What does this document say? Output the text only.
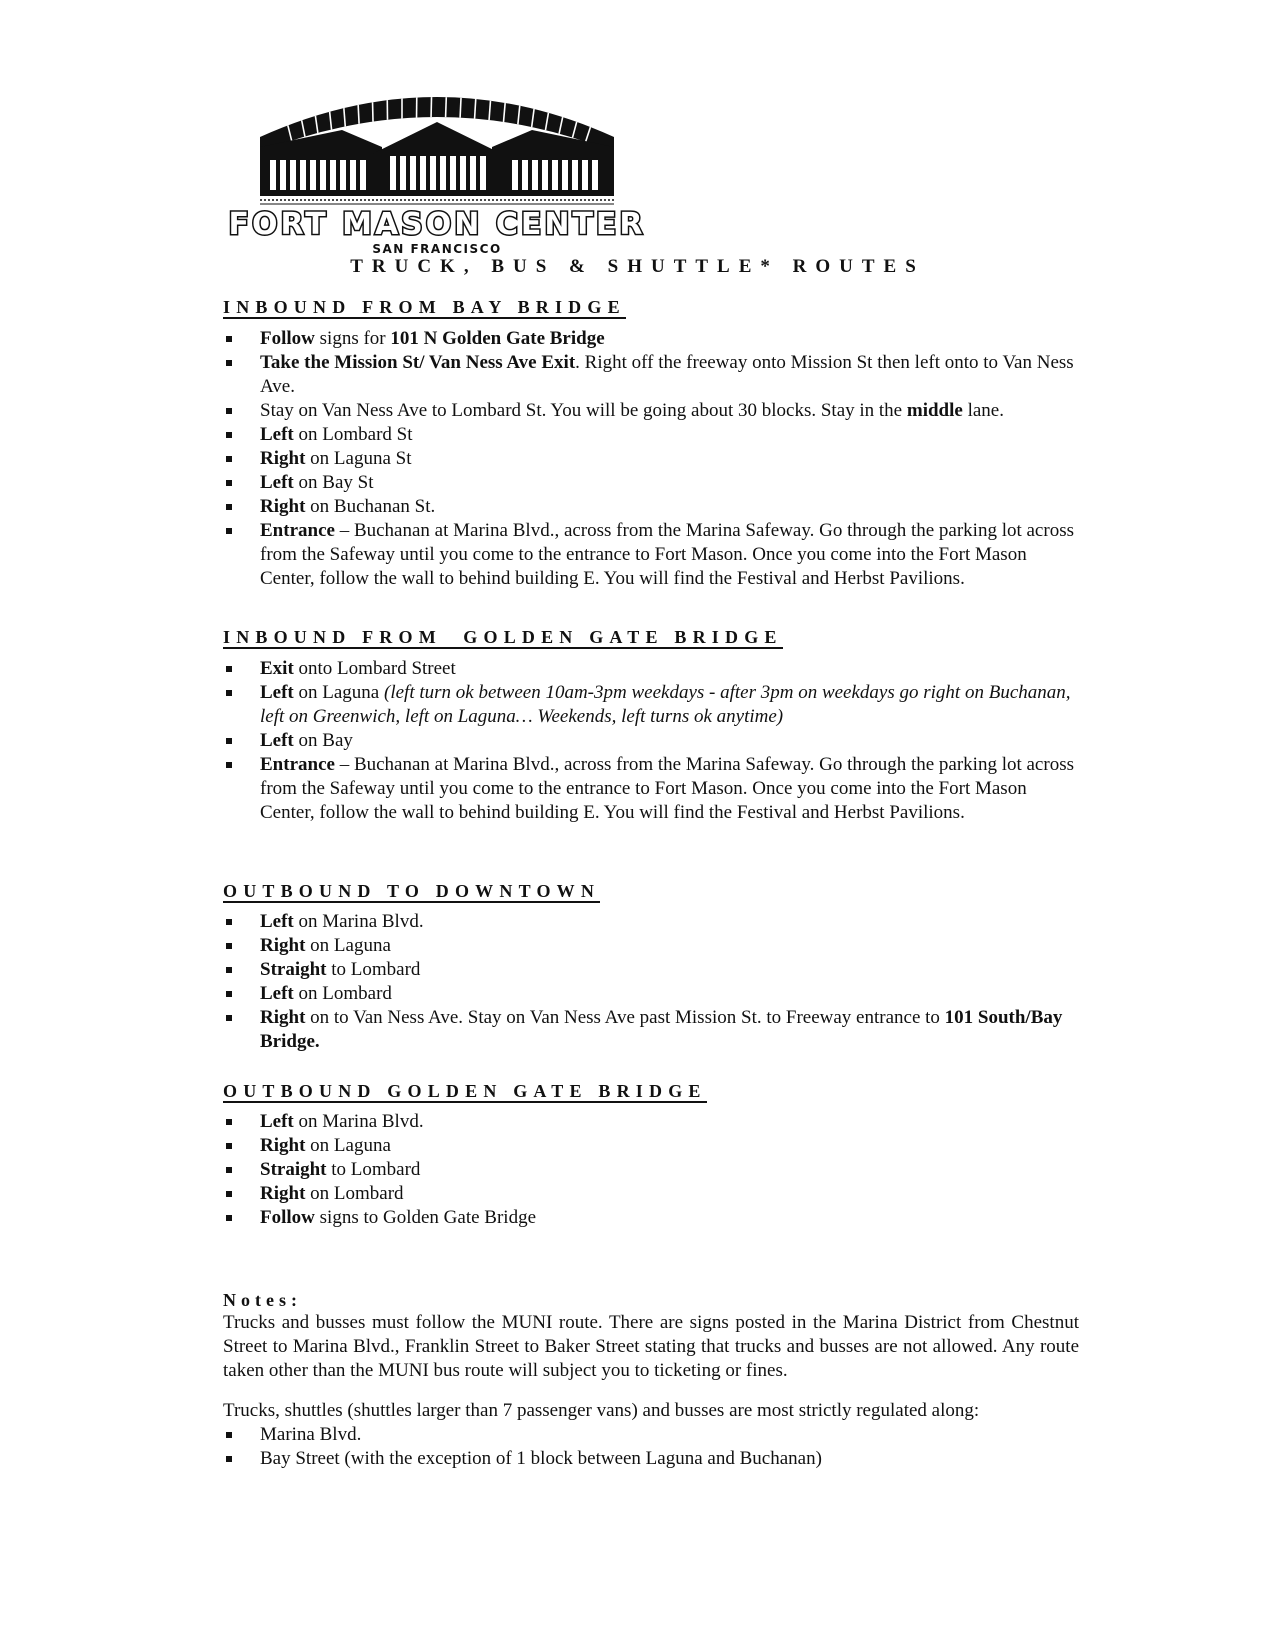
FORT MASON CENTER
SAN FRANCISCO
TRUCK, BUS & SHUTTLE* ROUTES
INBOUND FROM BAY BRIDGE
Follow signs for 101 N Golden Gate Bridge
Take the Mission St/ Van Ness Ave Exit. Right off the freeway onto Mission St then left onto to Van Ness Ave.
Stay on Van Ness Ave to Lombard St. You will be going about 30 blocks. Stay in the middle lane.
Left on Lombard St
Right on Laguna St
Left on Bay St
Right on Buchanan St.
Entrance – Buchanan at Marina Blvd., across from the Marina Safeway. Go through the parking lot across from the Safeway until you come to the entrance to Fort Mason. Once you come into the Fort Mason Center, follow the wall to behind building E. You will find the Festival and Herbst Pavilions.
INBOUND FROM  GOLDEN GATE BRIDGE
Exit onto Lombard Street
Left on Laguna (left turn ok between 10am-3pm weekdays - after 3pm on weekdays go right on Buchanan, left on Greenwich, left on Laguna… Weekends, left turns ok anytime)
Left on Bay
Entrance – Buchanan at Marina Blvd., across from the Marina Safeway. Go through the parking lot across from the Safeway until you come to the entrance to Fort Mason. Once you come into the Fort Mason Center, follow the wall to behind building E. You will find the Festival and Herbst Pavilions.
OUTBOUND TO DOWNTOWN
Left on Marina Blvd.
Right on Laguna
Straight to Lombard
Left on Lombard
Right on to Van Ness Ave. Stay on Van Ness Ave past Mission St. to Freeway entrance to 101 South/Bay Bridge.
OUTBOUND GOLDEN GATE BRIDGE
Left on Marina Blvd.
Right on Laguna
Straight to Lombard
Right on Lombard
Follow signs to Golden Gate Bridge
Notes:
Trucks and busses must follow the MUNI route. There are signs posted in the Marina District from Chestnut Street to Marina Blvd., Franklin Street to Baker Street stating that trucks and busses are not allowed. Any route taken other than the MUNI bus route will subject you to ticketing or fines.
Trucks, shuttles (shuttles larger than 7 passenger vans) and busses are most strictly regulated along:
Marina Blvd.
Bay Street (with the exception of 1 block between Laguna and Buchanan)
